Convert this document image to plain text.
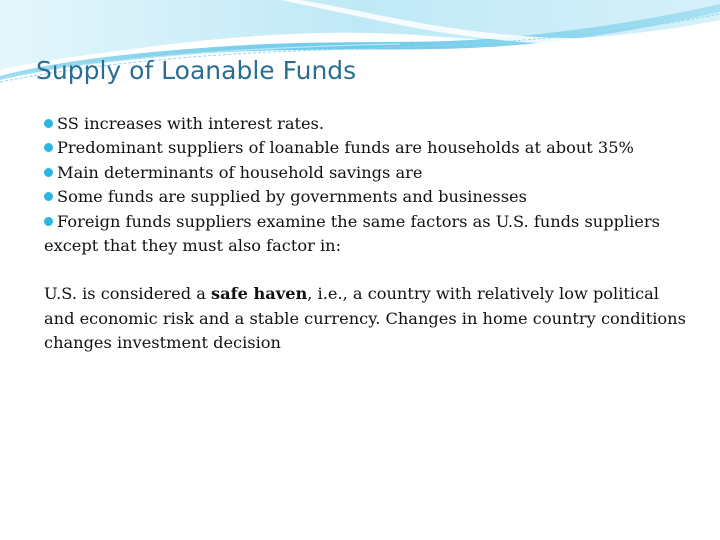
Supply of Loanable Funds
SS increases with interest rates.
Predominant suppliers of loanable funds are households at about 35%
Main determinants of household savings are
Some funds are supplied by governments and businesses
Foreign funds suppliers examine the same factors as U.S. funds suppliers except that they must also factor in:

U.S. is considered a safe haven, i.e., a country with relatively low political and economic risk and a stable currency. Changes in home country conditions changes investment decision
